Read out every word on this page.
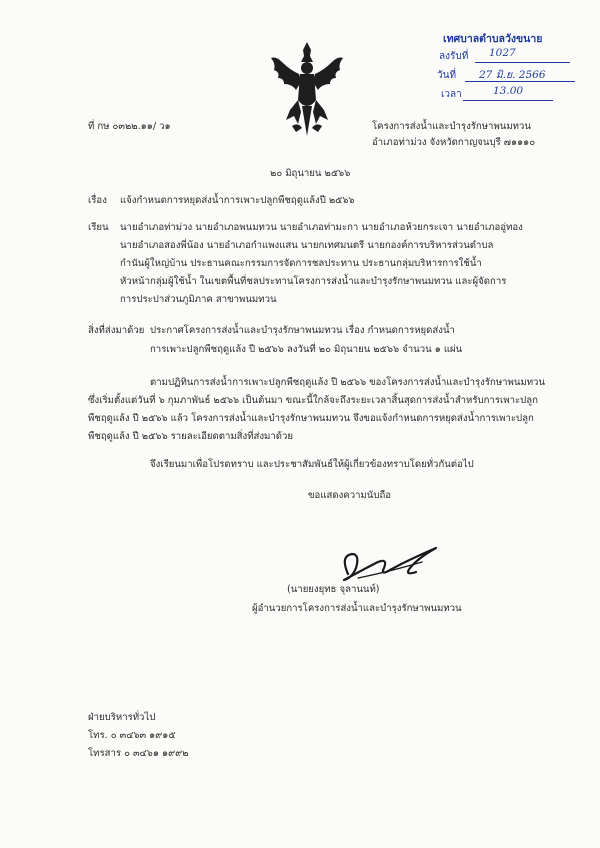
เทศบาลตำบลวังขนาย
ลงรับที่ 1027
วันที่ 27 มิ.ย. 2566
เวลา	13.00
ที่ กษ ๐๓๒๒.๑๑/ ว๑	โครงการส่งน้ำและบำรุงรักษาพนมทวน
อำเภอท่าม่วง จังหวัดกาญจนบุรี ๗๑๑๑๐
๒๐ มิถุนายน ๒๕๖๖
เรื่อง แจ้งกำหนดการหยุดส่งน้ำการเพาะปลูกพืชฤดูแล้งปี ๒๕๖๖
เรียน นายอำเภอท่าม่วง นายอำเภอพนมทวน นายอำเภอท่ามะกา นายอำเภอห้วยกระเจา นายอำเภออู่ทอง
นายอำเภอสองพี่น้อง นายอำเภอกำแพงแสน นายกเทศมนตรี นายกองค์การบริหารส่วนตำบล
กำนันผู้ใหญ่บ้าน ประธานคณะกรรมการจัดการชลประทาน ประธานกลุ่มบริหารการใช้น้ำ
หัวหน้ากลุ่มผู้ใช้น้ำ ในเขตพื้นที่ชลประทานโครงการส่งน้ำและบำรุงรักษาพนมทวน และผู้จัดการ
การประปาส่วนภูมิภาค สาขาพนมทวน
สิ่งที่ส่งมาด้วย ประกาศโครงการส่งน้ำและบำรุงรักษาพนมทวน เรื่อง กำหนดการหยุดส่งน้ำ
การเพาะปลูกพืชฤดูแล้ง ปี ๒๕๖๖ ลงวันที่ ๒๐ มิถุนายน ๒๕๖๖ จำนวน ๑ แผ่น
ตามปฏิทินการส่งน้ำการเพาะปลูกพืชฤดูแล้ง ปี ๒๕๖๖ ของโครงการส่งน้ำและบำรุงรักษาพนมทวน
ซึ่งเริ่มตั้งแต่วันที่ ๖ กุมภาพันธ์ ๒๕๖๖ เป็นต้นมา ขณะนี้ใกล้จะถึงระยะเวลาสิ้นสุดการส่งน้ำสำหรับการเพาะปลูก
พืชฤดูแล้ง ปี ๒๕๖๖ แล้ว โครงการส่งน้ำและบำรุงรักษาพนมทวน จึงขอแจ้งกำหนดการหยุดส่งน้ำการเพาะปลูก
พืชฤดูแล้ง ปี ๒๕๖๖ รายละเอียดตามสิ่งที่ส่งมาด้วย
จึงเรียนมาเพื่อโปรดทราบ และประชาสัมพันธ์ให้ผู้เกี่ยวข้องทราบโดยทั่วกันต่อไป
ขอแสดงความนับถือ
(นายยงยุทธ จุลานนท์)
ผู้อำนวยการโครงการส่งน้ำและบำรุงรักษาพนมทวน
ฝ่ายบริหารทั่วไป
โทร. ๐ ๓๔๖๓ ๑๙๑๕
โทรสาร ๐ ๓๔๖๑ ๑๙๙๒
